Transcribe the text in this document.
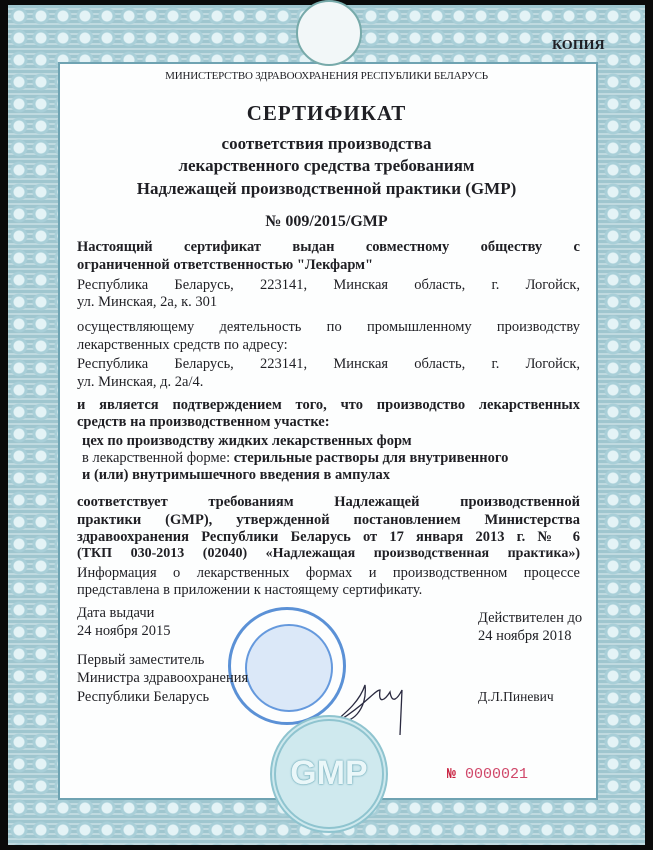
КОПИЯ
МИНИСТЕРСТВО ЗДРАВООХРАНЕНИЯ РЕСПУБЛИКИ БЕЛАРУСЬ
СЕРТИФИКАТ
соответствия производства
лекарственного средства требованиям
Надлежащей производственной практики (GMP)
№ 009/2015/GMP
Настоящий сертификат выдан совместному обществу с
ограниченной ответственностью "Лекфарм"
Республика Беларусь, 223141, Минская область, г. Логойск,
ул. Минская, 2а, к. 301
осуществляющему деятельность по промышленному производству
лекарственных средств по адресу:
Республика Беларусь, 223141, Минская область, г. Логойск,
ул. Минская, д. 2а/4.
и является подтверждением того, что производство лекарственных
средств на производственном участке:
цех по производству жидких лекарственных форм
в лекарственной форме: стерильные растворы для внутривенного
и (или) внутримышечного введения в ампулах
соответствует требованиям Надлежащей производственной
практики (GMP), утвержденной постановлением Министерства
здравоохранения Республики Беларусь от 17 января 2013 г. № 6
(ТКП 030-2013 (02040) «Надлежащая производственная практика»)
Информация о лекарственных формах и производственном процессе
представлена в приложении к настоящему сертификату.
Дата выдачи
24 ноября 2015
Действителен до
24 ноября 2018
Первый заместитель
Министра здравоохранения
Республики Беларусь	Д.Л.Пиневич
GMP	№ 0000021
